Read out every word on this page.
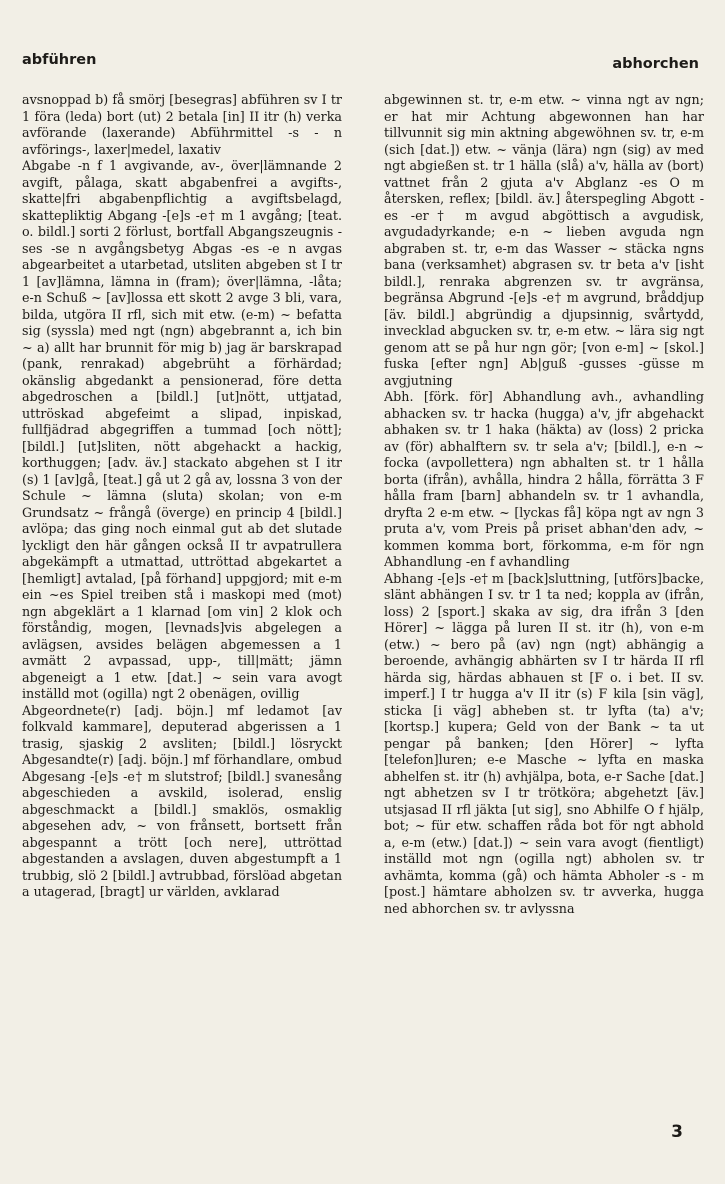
abführen	abhorchen

avsnoppad b) få smörj [besegras] abführen sv I tr 1 föra (leda) bort (ut) 2 betala [in] II itr (h) verka avförande (laxerande) Abführmittel -s - n avförings-, laxer|medel, laxativ

Abgabe -n f 1 avgivande, av-, över|lämnande 2 avgift, pålaga, skatt abgabenfrei a avgifts-, skatte|fri abgabenpflichtig a avgiftsbelagd, skattepliktig Abgang -[e]s -e† m 1 avgång; [teat. o. bildl.] sorti 2 förlust, bortfall Abgangszeugnis -ses -se n avgångsbetyg Abgas -es -e n avgas abgearbeitet a utarbetad, utsliten abgeben st I tr 1 [av]lämna, lämna in (fram); över|lämna, -låta; e-n Schuß ~ [av]lossa ett skott 2 avge 3 bli, vara, bilda, utgöra II rfl, sich mit etw. (e-m) ~ befatta sig (syssla) med ngt (ngn) abgebrannt a, ich bin ~ a) allt har brunnit för mig b) jag är barskrapad (pank, renrakad) abgebrüht a förhärdad; okänslig abgedankt a pensionerad, före detta abgedroschen a [bildl.] [ut]nött, uttjatad, uttröskad abgefeimt a slipad, inpiskad, fullfjädrad abgegriffen a tummad [och nött]; [bildl.] [ut]sliten, nött abgehackt a hackig, korthuggen; [adv. äv.] stackato abgehen st I itr (s) 1 [av]gå, [teat.] gå ut 2 gå av, lossna 3 von der Schule ~ lämna (sluta) skolan; von e-m Grundsatz ~ frångå (överge) en princip 4 [bildl.] avlöpa; das ging noch einmal gut ab det slutade lyckligt den här gången också II tr avpatrullera abgekämpft a utmattad, uttröttad abgekartet a [hemligt] avtalad, [på förhand] uppgjord; mit e-m ein ~es Spiel treiben stå i maskopi med (mot) ngn abgeklärt a 1 klarnad [om vin] 2 klok och förståndig, mogen, [levnads]vis abgelegen a avlägsen, avsides belägen abgemessen a 1 avmätt 2 avpassad, upp-, till|mätt; jämn abgeneigt a 1 etw. [dat.] ~ sein vara avogt inställd mot (ogilla) ngt 2 obenägen, ovillig

Abgeordnete(r) [adj. böjn.] mf ledamot [av folkvald kammare], deputerad abgerissen a 1 trasig, sjaskig 2 avsliten; [bildl.] lösryckt Abgesandte(r) [adj. böjn.] mf förhandlare, ombud Abgesang -[e]s -e† m slutstrof; [bildl.] svanesång abgeschieden a avskild, isolerad, enslig abgeschmackt a [bildl.] smaklös, osmaklig abgesehen adv, ~ von frånsett, bortsett från abgespannt a trött [och nere], uttröttad abgestanden a avslagen, duven abgestumpft a 1 trubbig, slö 2 [bildl.] avtrubbad, förslöad abgetan a utagerad, [bragt] ur världen, avklarad

abgewinnen st. tr, e-m etw. ~ vinna ngt av ngn; er hat mir Achtung abgewonnen han har tillvunnit sig min aktning abgewöhnen sv. tr, e-m (sich [dat.]) etw. ~ vänja (lära) ngn (sig) av med ngt abgießen st. tr 1 hälla (slå) a'v, hälla av (bort) vattnet från 2 gjuta a'v Abglanz -es O m återsken, reflex; [bildl. äv.] återspegling Abgott -es -er† m avgud abgöttisch a avgudisk, avgudadyrkande; e-n ~ lieben avguda ngn abgraben st. tr, e-m das Wasser ~ stäcka ngns bana (verksamhet) abgrasen sv. tr beta a'v [isht bildl.], renraka abgrenzen sv. tr avgränsa, begränsa Abgrund -[e]s -e† m avgrund, bråddjup [äv. bildl.] abgründig a djupsinnig, svårtydd, invecklad abgucken sv. tr, e-m etw. ~ lära sig ngt genom att se på hur ngn gör; [von e-m] ~ [skol.] fuska [efter ngn] Ab|guß -gusses -güsse m avgjutning

Abh. [förk. för] Abhandlung avh., avhandling abhacken sv. tr hacka (hugga) a'v, jfr abgehackt abhaken sv. tr 1 haka (häkta) av (loss) 2 pricka av (för) abhalftern sv. tr sela a'v; [bildl.], e-n ~ focka (avpollettera) ngn abhalten st. tr 1 hålla borta (ifrån), avhålla, hindra 2 hålla, förrätta 3 F hålla fram [barn] abhandeln sv. tr 1 avhandla, dryfta 2 e-m etw. ~ [lyckas få] köpa ngt av ngn 3 pruta a'v, vom Preis på priset abhan'den adv, ~ kommen komma bort, förkomma, e-m för ngn Abhandlung -en f avhandling

Abhang -[e]s -e† m [back]sluttning, [utförs]backe, slänt abhängen I sv. tr 1 ta ned; koppla av (ifrån, loss) 2 [sport.] skaka av sig, dra ifrån 3 [den Hörer] ~ lägga på luren II st. itr (h), von e-m (etw.) ~ bero på (av) ngn (ngt) abhängig a beroende, avhängig abhärten sv I tr härda II rfl härda sig, härdas abhauen st [F o. i bet. II sv. imperf.] I tr hugga a'v II itr (s) F kila [sin väg], sticka [i väg] abheben st. tr lyfta (ta) a'v; [kortsp.] kupera; Geld von der Bank ~ ta ut pengar på banken; [den Hörer] ~ lyfta [telefon]luren; e-e Masche ~ lyfta en maska abhelfen st. itr (h) avhjälpa, bota, e-r Sache [dat.] ngt abhetzen sv I tr trötköra; abgehetzt [äv.] utsjasad II rfl jäkta [ut sig], sno Abhilfe O f hjälp, bot; ~ für etw. schaffen råda bot för ngt abhold a, e-m (etw.) [dat.]) ~ sein vara avogt (fientligt) inställd mot ngn (ogilla ngt) abholen sv. tr avhämta, komma (gå) och hämta Abholer -s - m [post.] hämtare abholzen sv. tr avverka, hugga ned abhorchen sv. tr avlyssna

3
